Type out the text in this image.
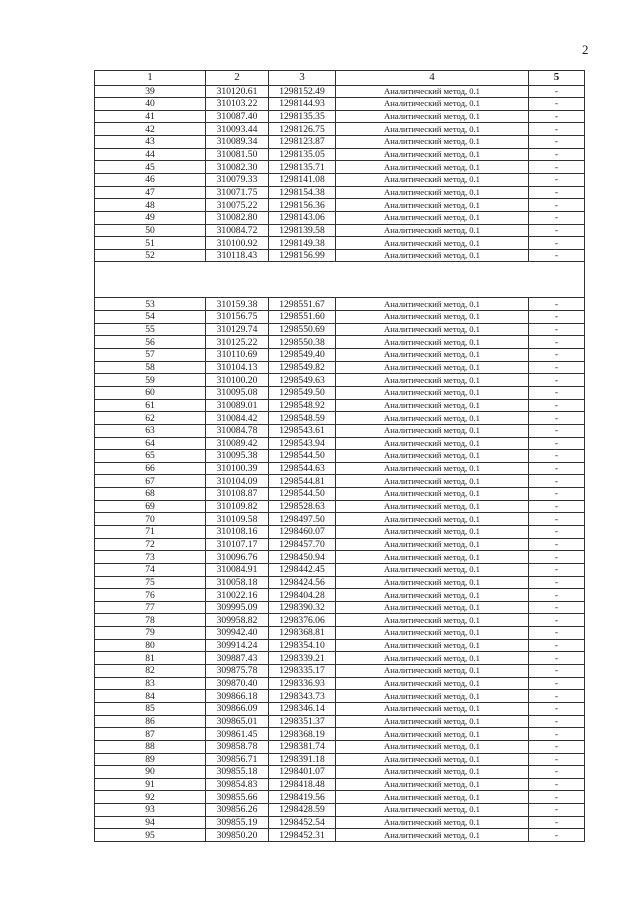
2
1	2	3	4	5
39	310120.61	1298152.49	Аналитический метод, 0.1	-
40	310103.22	1298144.93	Аналитический метод, 0.1	-
41	310087.40	1298135.35	Аналитический метод, 0.1	-
42	310093.44	1298126.75	Аналитический метод, 0.1	-
43	310089.34	1298123.87	Аналитический метод, 0.1	-
44	310081.50	1298135.05	Аналитический метод, 0.1	-
45	310082.30	1298135.71	Аналитический метод, 0.1	-
46	310079.33	1298141.08	Аналитический метод, 0.1	-
47	310071.75	1298154.38	Аналитический метод, 0.1	-
48	310075.22	1298156.36	Аналитический метод, 0.1	-
49	310082.80	1298143.06	Аналитический метод, 0.1	-
50	310084.72	1298139.58	Аналитический метод, 0.1	-
51	310100.92	1298149.38	Аналитический метод, 0.1	-
52	310118.43	1298156.99	Аналитический метод, 0.1	-

53	310159.38	1298551.67	Аналитический метод, 0.1	-
54	310156.75	1298551.60	Аналитический метод, 0.1	-
55	310129.74	1298550.69	Аналитический метод, 0.1	-
56	310125.22	1298550.38	Аналитический метод, 0.1	-
57	310110.69	1298549.40	Аналитический метод, 0.1	-
58	310104.13	1298549.82	Аналитический метод, 0.1	-
59	310100.20	1298549.63	Аналитический метод, 0.1	-
60	310095.08	1298549.50	Аналитический метод, 0.1	-
61	310089.01	1298548.92	Аналитический метод, 0.1	-
62	310084.42	1298548.59	Аналитический метод, 0.1	-
63	310084.78	1298543.61	Аналитический метод, 0.1	-
64	310089.42	1298543.94	Аналитический метод, 0.1	-
65	310095.38	1298544.50	Аналитический метод, 0.1	-
66	310100.39	1298544.63	Аналитический метод, 0.1	-
67	310104.09	1298544.81	Аналитический метод, 0.1	-
68	310108.87	1298544.50	Аналитический метод, 0.1	-
69	310109.82	1298528.63	Аналитический метод, 0.1	-
70	310109.58	1298497.50	Аналитический метод, 0.1	-
71	310108.16	1298460.07	Аналитический метод, 0.1	-
72	310107.17	1298457.70	Аналитический метод, 0.1	-
73	310096.76	1298450.94	Аналитический метод, 0.1	-
74	310084.91	1298442.45	Аналитический метод, 0.1	-
75	310058.18	1298424.56	Аналитический метод, 0.1	-
76	310022.16	1298404.28	Аналитический метод, 0.1	-
77	309995.09	1298390.32	Аналитический метод, 0.1	-
78	309958.82	1298376.06	Аналитический метод, 0.1	-
79	309942.40	1298368.81	Аналитический метод, 0.1	-
80	309914.24	1298354.10	Аналитический метод, 0.1	-
81	309887.43	1298339.21	Аналитический метод, 0.1	-
82	309875.78	1298335.17	Аналитический метод, 0.1	-
83	309870.40	1298336.93	Аналитический метод, 0.1	-
84	309866.18	1298343.73	Аналитический метод, 0.1	-
85	309866.09	1298346.14	Аналитический метод, 0.1	-
86	309865.01	1298351.37	Аналитический метод, 0.1	-
87	309861.45	1298368.19	Аналитический метод, 0.1	-
88	309858.78	1298381.74	Аналитический метод, 0.1	-
89	309856.71	1298391.18	Аналитический метод, 0.1	-
90	309855.18	1298401.07	Аналитический метод, 0.1	-
91	309854.83	1298418.48	Аналитический метод, 0.1	-
92	309855.66	1298419.56	Аналитический метод, 0.1	-
93	309856.26	1298428.59	Аналитический метод, 0.1	-
94	309855.19	1298452.54	Аналитический метод, 0.1	-
95	309850.20	1298452.31	Аналитический метод, 0.1	-
